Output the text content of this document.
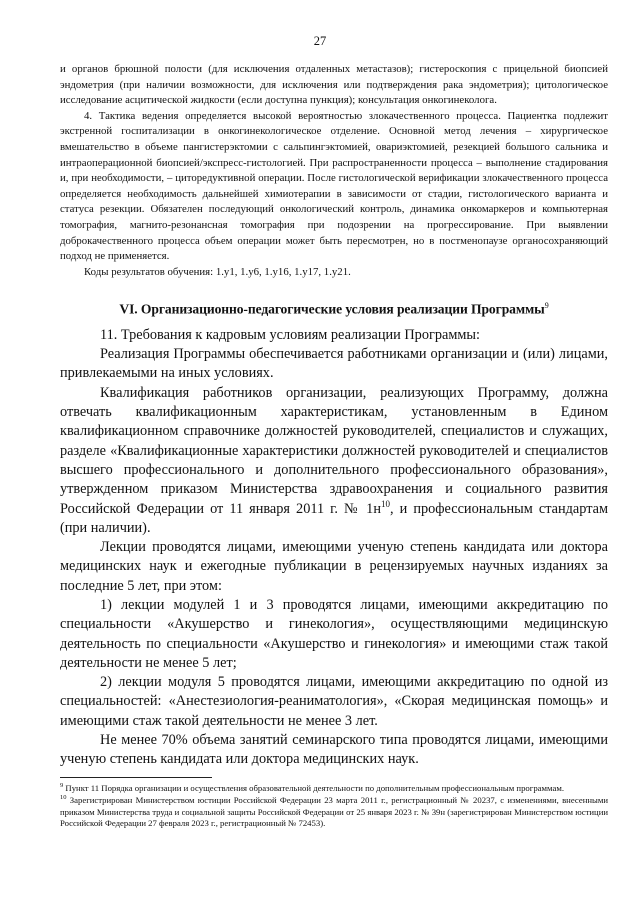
27

и органов брюшной полости (для исключения отдаленных метастазов); гистероскопия с прицельной биопсией эндометрия (при наличии возможности, для исключения или подтверждения рака эндометрия); цитологическое исследование асцитической жидкости (если доступна пункция); консультация онкогинеколога.

4. Тактика ведения определяется высокой вероятностью злокачественного процесса. Пациентка подлежит экстренной госпитализации в онкогинекологическое отделение. Основной метод лечения – хирургическое вмешательство в объеме пангистерэктомии с сальпингэктомией, овариэктомией, резекцией большого сальника и интраоперационной биопсией/экспресс-гистологией. При распространенности процесса – выполнение стадирования и, при необходимости, – циторедуктивной операции. После гистологической верификации злокачественного процесса определяется необходимость дальнейшей химиотерапии в зависимости от стадии, гистологического варианта и статуса резекции. Обязателен последующий онкологический контроль, динамика онкомаркеров и компьютерная томография, магнито-резонансная томография при подозрении на прогрессирование. При выявлении доброкачественного процесса объем операции может быть пересмотрен, но в постменопаузе органосохраняющий подход не применяется.

Коды результатов обучения: 1.у1, 1.у6, 1.у16, 1.у17, 1.у21.

VI. Организационно-педагогические условия реализации Программы$^9$

11. Требования к кадровым условиям реализации Программы:

Реализация Программы обеспечивается работниками организации и (или) лицами, привлекаемыми на иных условиях.

Квалификация работников организации, реализующих Программу, должна отвечать квалификационным характеристикам, установленным в Едином квалификационном справочнике должностей руководителей, специалистов и служащих, разделе «Квалификационные характеристики должностей руководителей и специалистов высшего профессионального и дополнительного профессионального образования», утвержденном приказом Министерства здравоохранения и социального развития Российской Федерации от 11 января 2011 г. № $1н^{10}$, и профессиональным стандартам (при наличии).

Лекции проводятся лицами, имеющими ученую степень кандидата или доктора медицинских наук и ежегодные публикации в рецензируемых научных изданиях за последние 5 лет, при этом:

1) лекции модулей 1 и 3 проводятся лицами, имеющими аккредитацию по специальности «Акушерство и гинекология», осуществляющими медицинскую деятельность по специальности «Акушерство и гинекология» и имеющими стаж такой деятельности не менее 5 лет;

2) лекции модуля 5 проводятся лицами, имеющими аккредитацию по одной из специальностей: «Анестезиология-реаниматология», «Скорая медицинская помощь» и имеющими стаж такой деятельности не менее 3 лет.

Не менее 70% объема занятий семинарского типа проводятся лицами, имеющими ученую степень кандидата или доктора медицинских наук.

$^9$ Пункт 11 Порядка организации и осуществления образовательной деятельности по дополнительным профессиональным программам.

$^{10}$ Зарегистрирован Министерством юстиции Российской Федерации 23 марта 2011 г., регистрационный № 20237, с изменениями, внесенными приказом Министерства труда и социальной защиты Российской Федерации от 25 января 2023 г. № 39н (зарегистрирован Министерством юстиции Российской Федерации 27 февраля 2023 г., регистрационный № 72453).
